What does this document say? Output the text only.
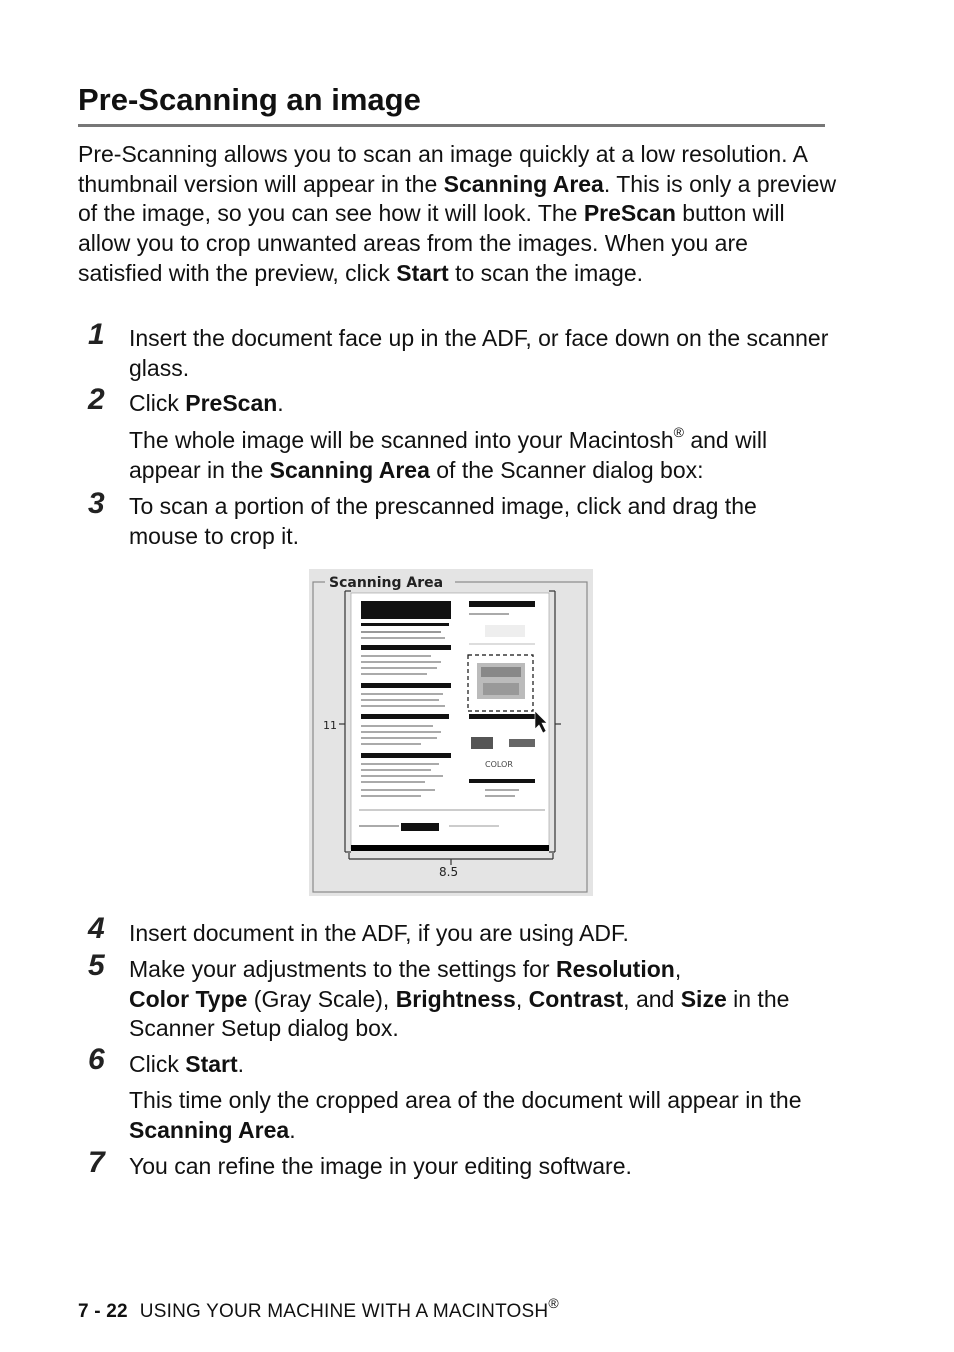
Pre-Scanning an image

Pre-Scanning allows you to scan an image quickly at a low resolution. A thumbnail version will appear in the Scanning Area. This is only a preview of the image, so you can see how it will look. The PreScan button will allow you to crop unwanted areas from the images. When you are satisfied with the preview, click Start to scan the image.

1 Insert the document face up in the ADF, or face down on the scanner glass.

2 Click PreScan.

The whole image will be scanned into your Macintosh® and will appear in the Scanning Area of the Scanner dialog box:

3 To scan a portion of the prescanned image, click and drag the mouse to crop it.

Scanning Area
11
8.5
COLOR
4 Insert document in the ADF, if you are using ADF.

5 Make your adjustments to the settings for Resolution,
Color Type (Gray Scale), Brightness, Contrast, and Size in the Scanner Setup dialog box.

6 Click Start.

This time only the cropped area of the document will appear in the Scanning Area.

7 You can refine the image in your editing software.

7 - 22 USING YOUR MACHINE WITH A MACINTOSH®
